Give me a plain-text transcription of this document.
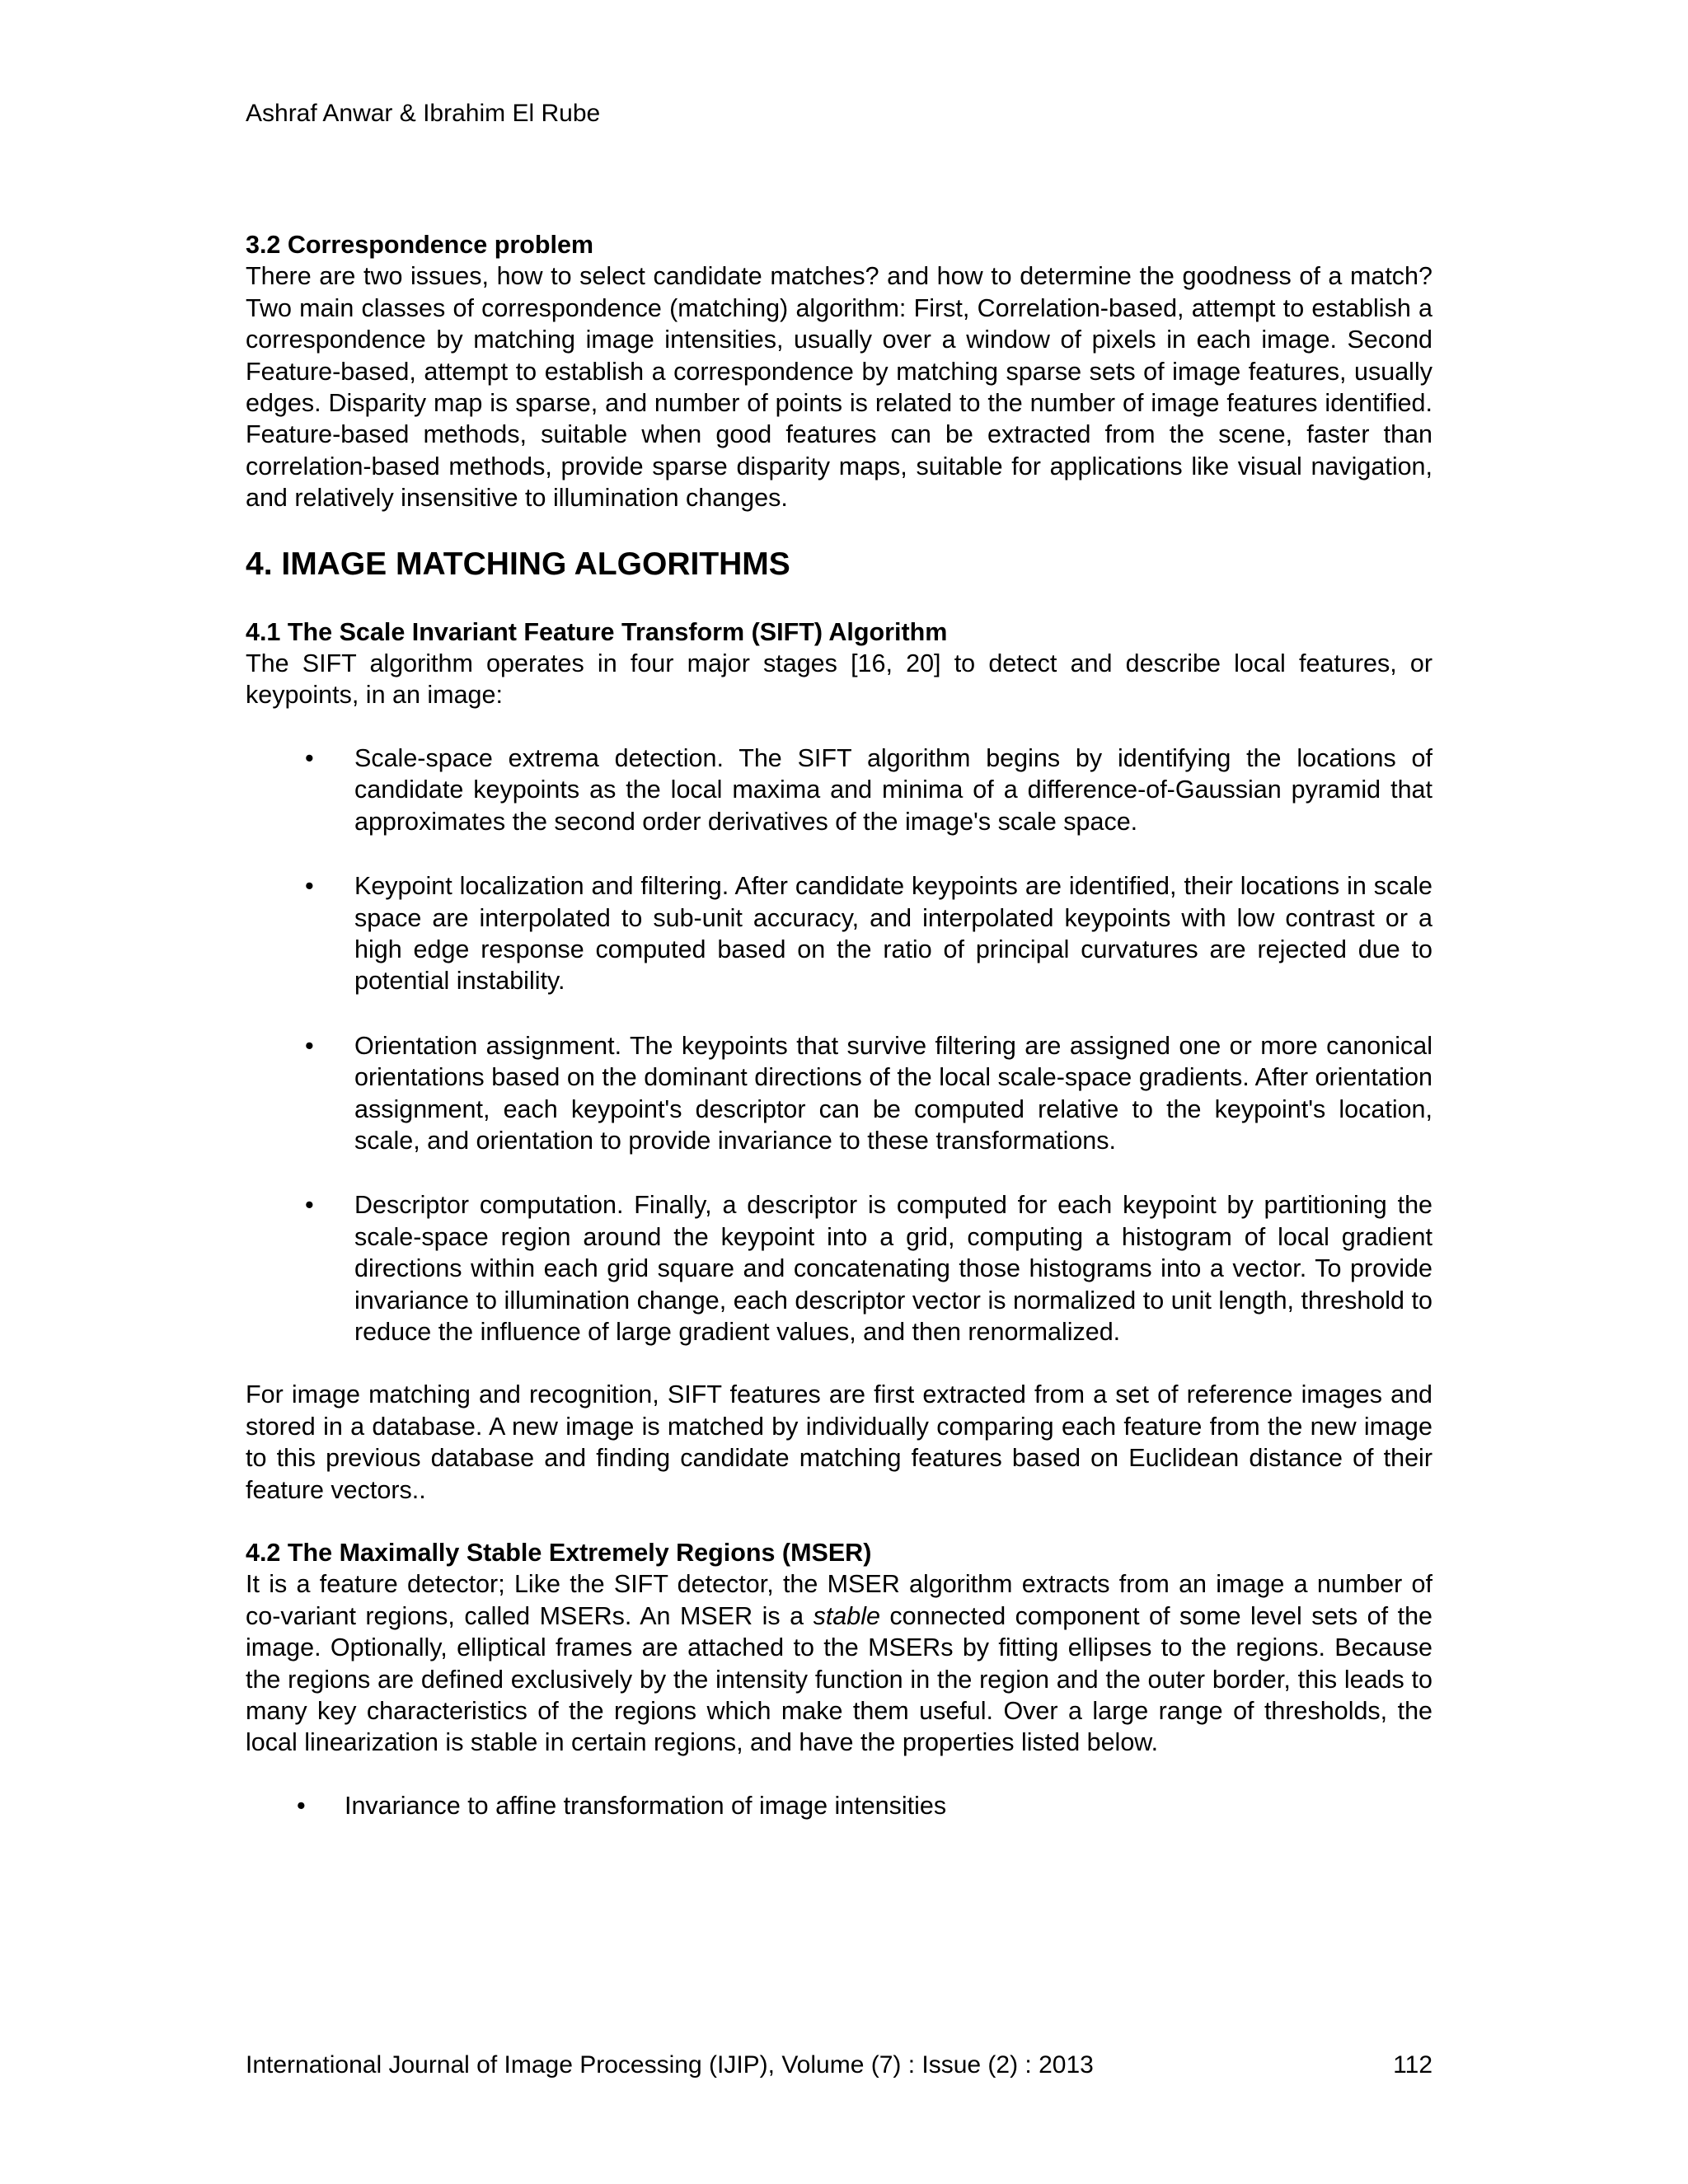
Ashraf Anwar & Ibrahim El Rube

3.2 Correspondence problem

There are two issues, how to select candidate matches? and how to determine the goodness of a match? Two main classes of correspondence (matching) algorithm: First, Correlation-based, attempt to establish a correspondence by matching image intensities, usually over a window of pixels in each image. Second Feature-based, attempt to establish a correspondence by matching sparse sets of image features, usually edges. Disparity map is sparse, and number of points is related to the number of image features identified. Feature-based methods, suitable when good features can be extracted from the scene, faster than correlation-based methods, provide sparse disparity maps, suitable for applications like visual navigation, and relatively insensitive to illumination changes.

4. IMAGE MATCHING ALGORITHMS

4.1 The Scale Invariant Feature Transform (SIFT) Algorithm

The SIFT algorithm operates in four major stages [16, 20] to detect and describe local features, or keypoints, in an image:

• Scale-space extrema detection. The SIFT algorithm begins by identifying the locations of candidate keypoints as the local maxima and minima of a difference-of-Gaussian pyramid that approximates the second order derivatives of the image's scale space.
• Keypoint localization and filtering. After candidate keypoints are identified, their locations in scale space are interpolated to sub-unit accuracy, and interpolated keypoints with low contrast or a high edge response computed based on the ratio of principal curvatures are rejected due to potential instability.
• Orientation assignment. The keypoints that survive filtering are assigned one or more canonical orientations based on the dominant directions of the local scale-space gradients. After orientation assignment, each keypoint's descriptor can be computed relative to the keypoint's location, scale, and orientation to provide invariance to these transformations.
• Descriptor computation. Finally, a descriptor is computed for each keypoint by partitioning the scale-space region around the keypoint into a grid, computing a histogram of local gradient directions within each grid square and concatenating those histograms into a vector. To provide invariance to illumination change, each descriptor vector is normalized to unit length, threshold to reduce the influence of large gradient values, and then renormalized.

For image matching and recognition, SIFT features are first extracted from a set of reference images and stored in a database. A new image is matched by individually comparing each feature from the new image to this previous database and finding candidate matching features based on Euclidean distance of their feature vectors..

4.2 The Maximally Stable Extremely Regions (MSER)

It is a feature detector; Like the SIFT detector, the MSER algorithm extracts from an image a number of co-variant regions, called MSERs. An MSER is a stable connected component of some level sets of the image. Optionally, elliptical frames are attached to the MSERs by fitting ellipses to the regions. Because the regions are defined exclusively by the intensity function in the region and the outer border, this leads to many key characteristics of the regions which make them useful. Over a large range of thresholds, the local linearization is stable in certain regions, and have the properties listed below.

• Invariance to affine transformation of image intensities
International Journal of Image Processing (IJIP), Volume (7) : Issue (2) : 2013	112
